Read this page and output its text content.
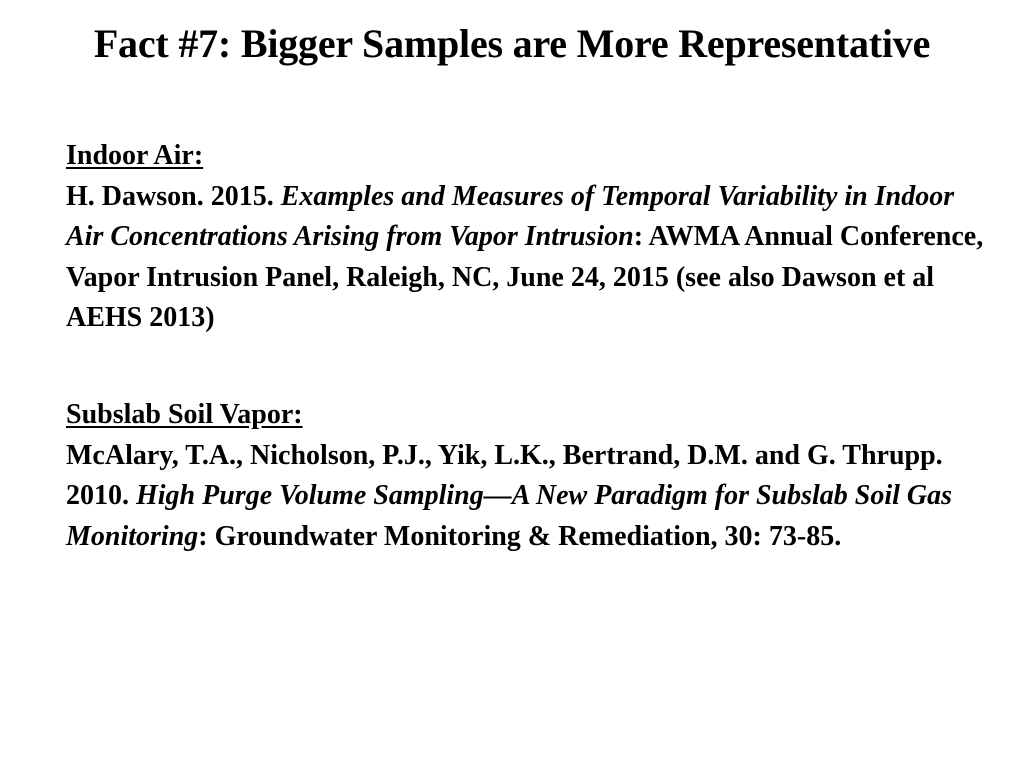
Fact #7: Bigger Samples are More Representative
Indoor Air:
H. Dawson. 2015. Examples and Measures of Temporal Variability in Indoor Air Concentrations Arising from Vapor Intrusion: AWMA Annual Conference, Vapor Intrusion Panel, Raleigh, NC, June 24, 2015 (see also Dawson et al AEHS 2013)
Subslab Soil Vapor:
McAlary, T.A., Nicholson, P.J., Yik, L.K., Bertrand, D.M. and G. Thrupp. 2010. High Purge Volume Sampling—A New Paradigm for Subslab Soil Gas Monitoring: Groundwater Monitoring & Remediation, 30: 73-85.
